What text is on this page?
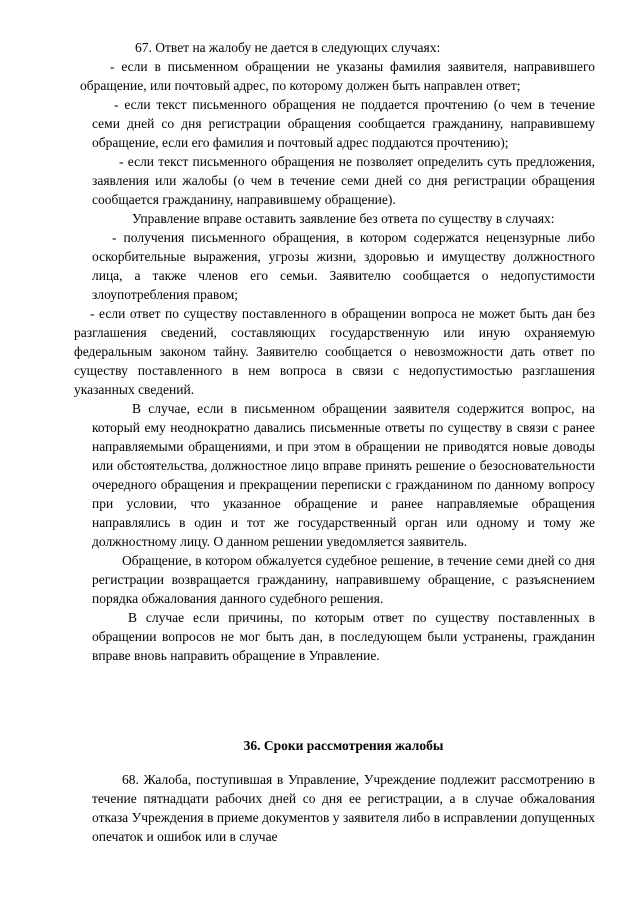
67. Ответ на жалобу не дается в следующих случаях:

- если в письменном обращении не указаны фамилия заявителя, направившего обращение, или почтовый адрес, по которому должен быть направлен ответ;

- если текст письменного обращения не поддается прочтению (о чем в течение семи дней со дня регистрации обращения сообщается гражданину, направившему обращение, если его фамилия и почтовый адрес поддаются прочтению);

- если текст письменного обращения не позволяет определить суть предложения, заявления или жалобы (о чем в течение семи дней со дня регистрации обращения сообщается гражданину, направившему обращение).

Управление вправе оставить заявление без ответа по существу в случаях:

- получения письменного обращения, в котором содержатся нецензурные либо оскорбительные выражения, угрозы жизни, здоровью и имуществу должностного лица, а также членов его семьи. Заявителю сообщается о недопустимости злоупотребления правом;

- если ответ по существу поставленного в обращении вопроса не может быть дан без разглашения сведений, составляющих государственную или иную охраняемую федеральным законом тайну. Заявителю сообщается о невозможности дать ответ по существу поставленного в нем вопроса в связи с недопустимостью разглашения указанных сведений.

В случае, если в письменном обращении заявителя содержится вопрос, на который ему неоднократно давались письменные ответы по существу в связи с ранее направляемыми обращениями, и при этом в обращении не приводятся новые доводы или обстоятельства, должностное лицо вправе принять решение о безосновательности очередного обращения и прекращении переписки с гражданином по данному вопросу при условии, что указанное обращение и ранее направляемые обращения направлялись в один и тот же государственный орган или одному и тому же должностному лицу. О данном решении уведомляется заявитель.

Обращение, в котором обжалуется судебное решение, в течение семи дней со дня регистрации возвращается гражданину, направившему обращение, с разъяснением порядка обжалования данного судебного решения.

В случае если причины, по которым ответ по существу поставленных в обращении вопросов не мог быть дан, в последующем были устранены, гражданин вправе вновь направить обращение в Управление.

36. Сроки рассмотрения жалобы

68. Жалоба, поступившая в Управление, Учреждение подлежит рассмотрению в течение пятнадцати рабочих дней со дня ее регистрации, а в случае обжалования отказа Учреждения в приеме документов у заявителя либо в исправлении допущенных опечаток и ошибок или в случае
